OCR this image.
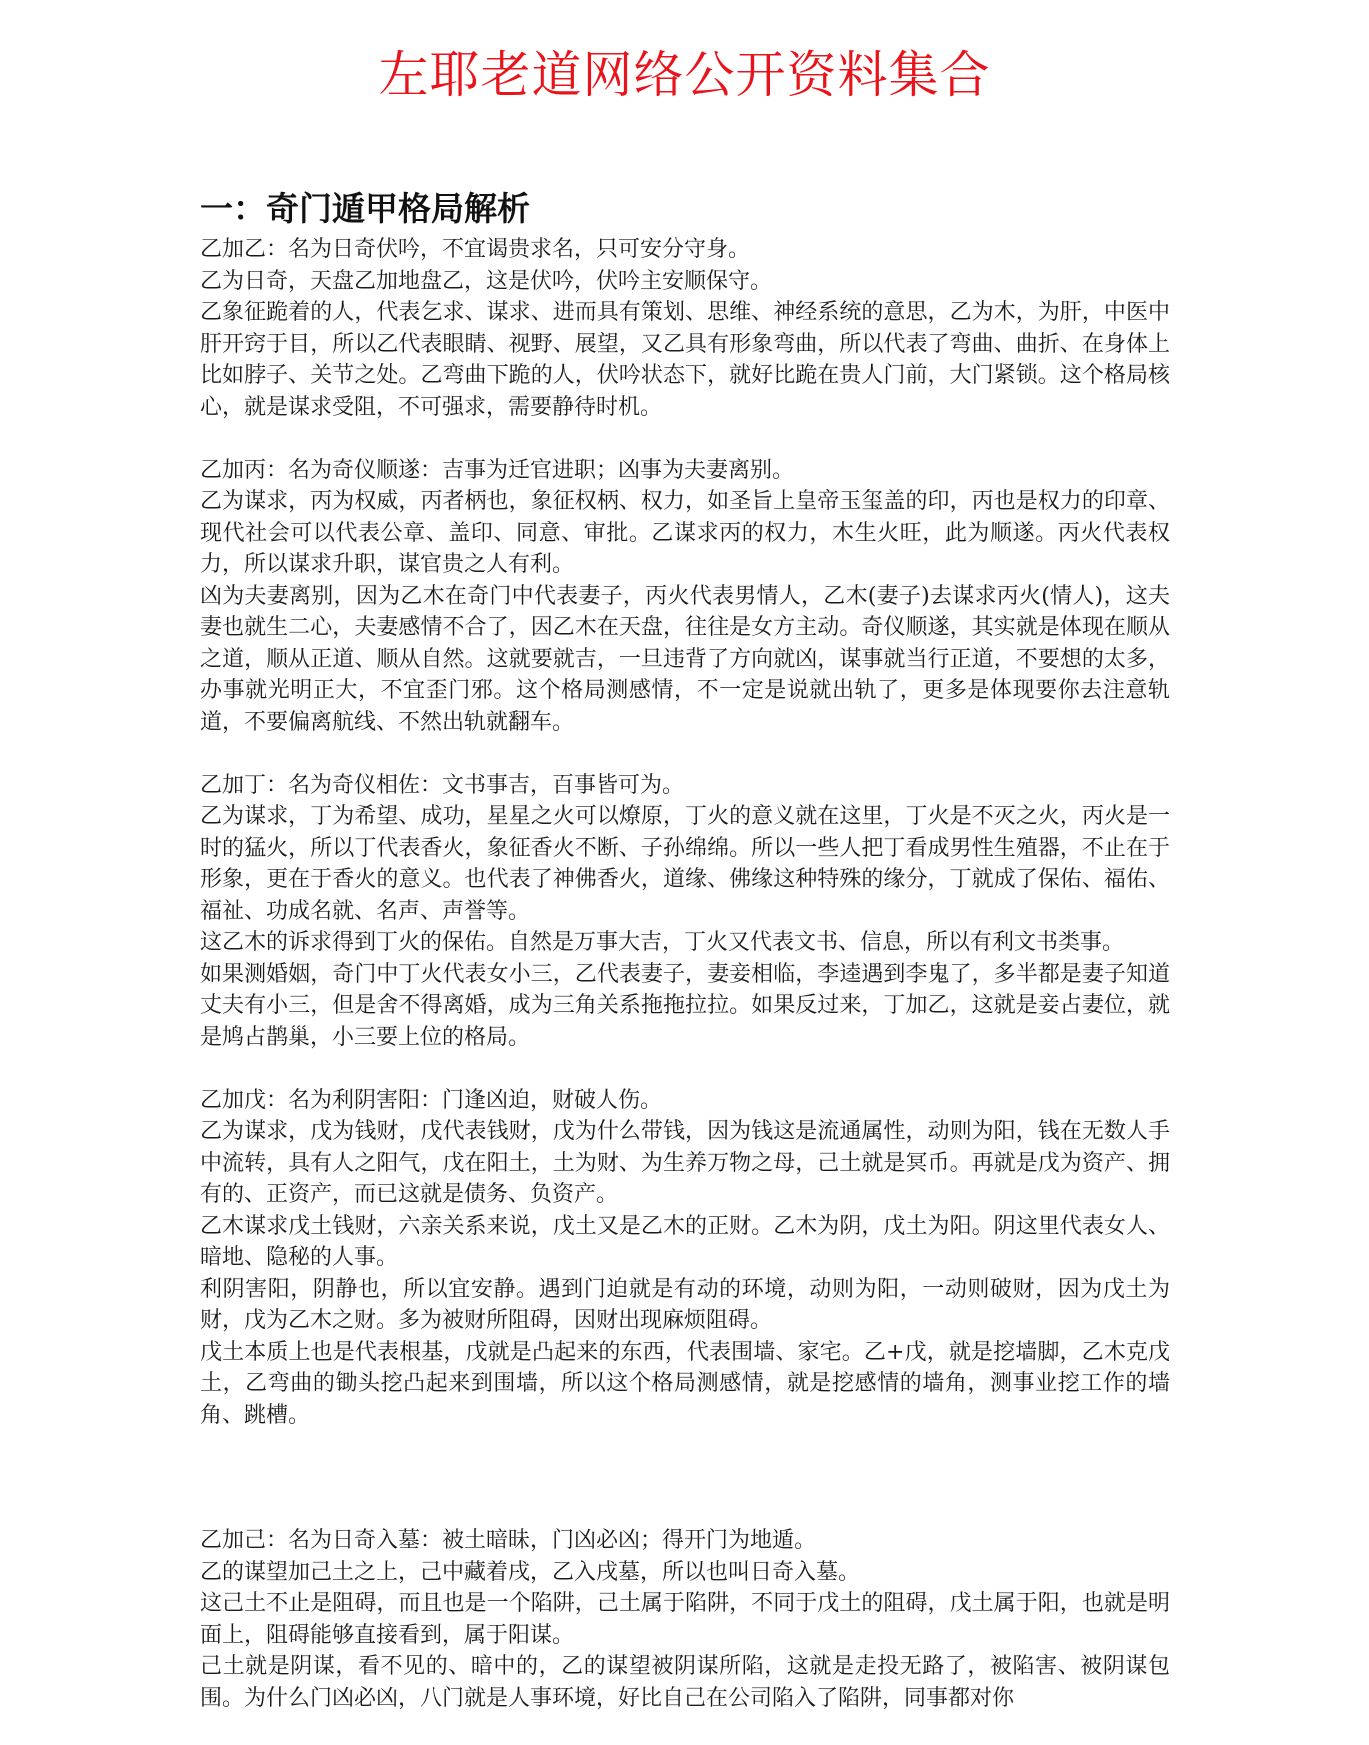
左耶老道网络公开资料集合
一：奇门遁甲格局解析

乙加乙：名为日奇伏吟，不宜谒贵求名，只可安分守身。

乙为日奇，天盘乙加地盘乙，这是伏吟，伏吟主安顺保守。

乙象征跪着的人，代表乞求、谋求、进而具有策划、思维、神经系统的意思，乙为木，为肝，中医中肝开窍于目，所以乙代表眼睛、视野、展望，又乙具有形象弯曲，所以代表了弯曲、曲折、在身体上比如脖子、关节之处。乙弯曲下跪的人，伏吟状态下，就好比跪在贵人门前，大门紧锁。这个格局核心，就是谋求受阻，不可强求，需要静待时机。

乙加丙：名为奇仪顺遂：吉事为迁官进职；凶事为夫妻离别。

乙为谋求，丙为权威，丙者柄也，象征权柄、权力，如圣旨上皇帝玉玺盖的印，丙也是权力的印章、现代社会可以代表公章、盖印、同意、审批。乙谋求丙的权力，木生火旺，此为顺遂。丙火代表权力，所以谋求升职，谋官贵之人有利。

凶为夫妻离别，因为乙木在奇门中代表妻子，丙火代表男情人，乙木(妻子)去谋求丙火(情人)，这夫妻也就生二心，夫妻感情不合了，因乙木在天盘，往往是女方主动。奇仪顺遂，其实就是体现在顺从之道，顺从正道、顺从自然。这就要就吉，一旦违背了方向就凶，谋事就当行正道，不要想的太多，办事就光明正大，不宜歪门邪。这个格局测感情，不一定是说就出轨了，更多是体现要你去注意轨道，不要偏离航线、不然出轨就翻车。

乙加丁：名为奇仪相佐：文书事吉，百事皆可为。

乙为谋求，丁为希望、成功，星星之火可以燎原，丁火的意义就在这里，丁火是不灭之火，丙火是一时的猛火，所以丁代表香火，象征香火不断、子孙绵绵。所以一些人把丁看成男性生殖器，不止在于形象，更在于香火的意义。也代表了神佛香火，道缘、佛缘这种特殊的缘分，丁就成了保佑、福佑、福祉、功成名就、名声、声誉等。

这乙木的诉求得到丁火的保佑。自然是万事大吉，丁火又代表文书、信息，所以有利文书类事。

如果测婚姻，奇门中丁火代表女小三，乙代表妻子，妻妾相临，李逵遇到李鬼了，多半都是妻子知道丈夫有小三，但是舍不得离婚，成为三角关系拖拖拉拉。如果反过来，丁加乙，这就是妾占妻位，就是鸠占鹊巢，小三要上位的格局。

乙加戊：名为利阴害阳：门逢凶迫，财破人伤。

乙为谋求，戊为钱财，戊代表钱财，戊为什么带钱，因为钱这是流通属性，动则为阳，钱在无数人手中流转，具有人之阳气，戊在阳土，土为财、为生养万物之母，己土就是冥币。再就是戊为资产、拥有的、正资产，而已这就是债务、负资产。

乙木谋求戊土钱财，六亲关系来说，戊土又是乙木的正财。乙木为阴，戊土为阳。阴这里代表女人、暗地、隐秘的人事。

利阴害阳，阴静也，所以宜安静。遇到门迫就是有动的环境，动则为阳，一动则破财，因为戊土为财，戊为乙木之财。多为被财所阻碍，因财出现麻烦阻碍。

戊土本质上也是代表根基，戊就是凸起来的东西，代表围墙、家宅。乙+戊，就是挖墙脚，乙木克戊土，乙弯曲的锄头挖凸起来到围墙，所以这个格局测感情，就是挖感情的墙角，测事业挖工作的墙角、跳槽。

乙加己：名为日奇入墓：被土暗昧，门凶必凶；得开门为地遁。

乙的谋望加己土之上，己中藏着戌，乙入戌墓，所以也叫日奇入墓。

这己土不止是阻碍，而且也是一个陷阱，己土属于陷阱，不同于戊土的阻碍，戊土属于阳，也就是明面上，阻碍能够直接看到，属于阳谋。

己土就是阴谋，看不见的、暗中的，乙的谋望被阴谋所陷，这就是走投无路了，被陷害、被阴谋包围。为什么门凶必凶，八门就是人事环境，好比自己在公司陷入了陷阱，同事都对你
